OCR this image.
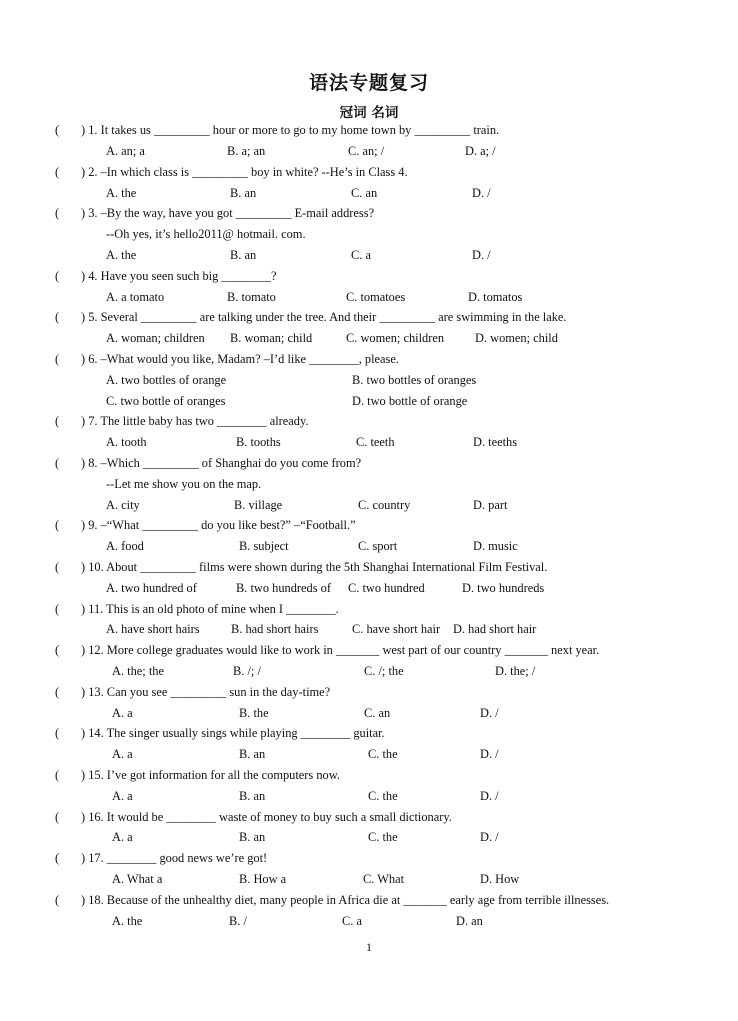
语法专题复习
冠词 名词
( ) 1. It takes us _________ hour or more to go to my home town by _________ train.
A. an; a	B. a; an	C. an; /	D. a; /
( ) 2. –In which class is _________ boy in white? --He’s in Class 4.
A. the	B. an	C. an	D. /
( ) 3. –By the way, have you got _________ E-mail address?
--Oh yes, it’s hello2011@ hotmail. com.
A. the	B. an	C. a	D. /
( ) 4. Have you seen such big ________?
A. a tomato	B. tomato	C. tomatoes	D. tomatos
( ) 5. Several _________ are talking under the tree. And their _________ are swimming in the lake.
A. woman; children B. woman; child	C. women; children D. women; child
( ) 6. –What would you like, Madam? –I’d like ________, please.
A. two bottles of orange	B. two bottles of oranges
C. two bottle of oranges	D. two bottle of orange
( ) 7. The little baby has two ________ already.
A. tooth	B. tooths	C. teeth	D. teeths
( ) 8. –Which _________ of Shanghai do you come from?
--Let me show you on the map.
A. city	B. village	C. country	D. part
( ) 9. –“What _________ do you like best?” –“Football.”
A. food	B. subject	C. sport	D. music
( ) 10. About _________ films were shown during the 5th Shanghai International Film Festival.
A. two hundred of	B. two hundreds of C. two hundred	D. two hundreds
( ) 11. This is an old photo of mine when I ________.
A. have short hairs	B. had short hairs	C. have short hair D. had short hair
( ) 12. More college graduates would like to work in _______ west part of our country _______ next year.
A. the; the	B. /; /	C. /; the	D. the; /
( ) 13. Can you see _________ sun in the day-time?
A. a	B. the	C. an	D. /
( ) 14. The singer usually sings while playing ________ guitar.
A. a	B. an	C. the	D. /
( ) 15. I’ve got information for all the computers now.
A. a	B. an	C. the	D. /
( ) 16. It would be ________ waste of money to buy such a small dictionary.
A. a	B. an	C. the	D. /
( ) 17. ________ good news we’re got!
A. What a	B. How a	C. What	D. How
( ) 18. Because of the unhealthy diet, many people in Africa die at _______ early age from terrible illnesses.
A. the	B. /	C. a	D. an
1
